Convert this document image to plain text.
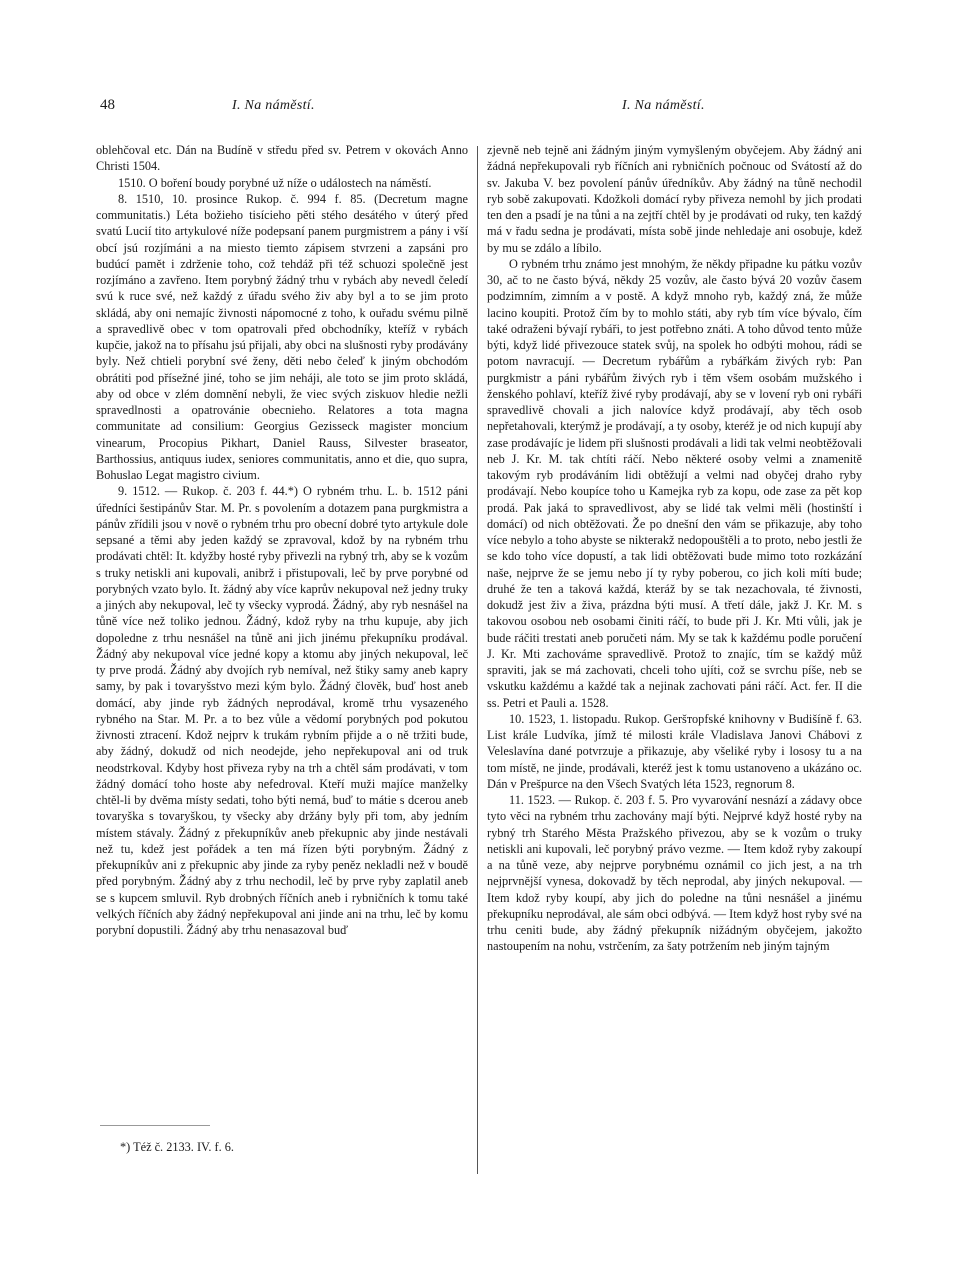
48	I. Na náměstí.	I. Na náměstí.

oblehčoval etc. Dán na Budíně v středu před sv. Petrem v okovách Anno Christi 1504.

1510. O boření boudy porybné už níže o událostech na náměstí.

8. 1510, 10. prosince Rukop. č. 994 f. 85. (Decretum magne communitatis.) Léta božieho tisícieho pěti stého desátého v úterý před svatú Lucií tito artykulové níže podepsaní panem purgmistrem a pány i vší obcí jsú rozjímáni a na miesto tiemto zápisem stvrzeni a zapsáni pro budúcí pamět i zdrženie toho, což tehdáž při též schuozi společně jest rozjímáno a zavřeno. Item porybný žádný trhu v rybách aby nevedl čeledí svú k ruce své, než každý z úřadu svého živ aby byl a to se jim proto skládá, aby oni nemajíc živnosti nápomocné z toho, k ouřadu svému pilně a spravedlivě obec v tom opatrovali před obchodníky, kteříž v rybách kupčie, jakož na to přísahu jsú přijali, aby obci na slušnosti ryby prodávány byly. Než chtieli porybní své ženy, děti nebo čeleď k jiným obchodóm obrátiti pod přísežné jiné, toho se jim neháji, ale toto se jim proto skládá, aby od obce v zlém domnění nebyli, že viec svých ziskuov hledie nežli spravedlnosti a opatrovánie obecnieho. Relatores a tota magna communitate ad consilium: Georgius Gezisseck magister moncium vinearum, Procopius Pikhart, Daniel Rauss, Silvester braseator, Barthossius, antiquus iudex, seniores communitatis, anno et die, quo supra, Bohuslao Legat magistro civium.

9. 1512. — Rukop. č. 203 f. 44.*) O rybném trhu. L. b. 1512 páni úředníci šestipánův Star. M. Pr. s povolením a dotazem pana purgkmistra a pánův zřídili jsou v nově o rybném trhu pro obecní dobré tyto artykule dole sepsané a těmi aby jeden každý se zpravoval, kdož by na rybném trhu prodávati chtěl: It. kdyžby hosté ryby přivezli na rybný trh, aby se k vozům s truky netiskli ani kupovali, anibrž i přistupovali, leč by prve porybné od porybných vzato bylo. It. žádný aby více kaprův nekupoval než jedny truky a jiných aby nekupoval, leč ty všecky vyprodá. Žádný, aby ryb nesnášel na tůně více než toliko jednou. Žádný, kdož ryby na trhu kupuje, aby jich dopoledne z trhu nesnášel na tůně ani jich jinému překupníku prodával. Žádný aby nekupoval více jedné kopy a ktomu aby jiných nekupoval, leč ty prve prodá. Žádný aby dvojích ryb nemíval, než štiky samy aneb kapry samy, by pak i tovaryšstvo mezi kým bylo. Žádný člověk, buď host aneb domácí, aby jinde ryb žádných neprodával, kromě trhu vysazeného rybného na Star. M. Pr. a to bez vůle a vědomí porybných pod pokutou živnosti ztracení. Kdož nejprv k trukám rybním přijde a o ně tržiti bude, aby žádný, dokudž od nich neodejde, jeho nepřekupoval ani od truk neodstrkoval. Kdyby host přiveza ryby na trh a chtěl sám prodávati, v tom žádný domácí toho hoste aby nefedroval. Kteří muži majíce manželky chtěl-li by dvěma místy sedati, toho býti nemá, buď to mátie s dcerou aneb tovaryška s tovaryškou, ty všecky aby držány byly při tom, aby jedním místem stávaly. Žádný z překupníkův aneb překupnic aby jinde nestávali než tu, kdež jest pořádek a ten má řízen býti porybným. Žádný z překupníkův ani z překupnic aby jinde za ryby peněz nekladli než v boudě před porybným. Žádný aby z trhu nechodil, leč by prve ryby zaplatil aneb se s kupcem smluvil. Ryb drobných říčních aneb i rybničních k tomu také velkých říčních aby žádný nepřekupoval ani jinde ani na trhu, leč by komu porybní dopustili. Žádný aby trhu nenasazoval buď

zjevně neb tejně ani žádným jiným vymyšleným obyčejem. Aby žádný ani žádná nepřekupovali ryb říčních ani rybničních počnouc od Svátostí až do sv. Jakuba V. bez povolení pánův úředníkův. Aby žádný na tůně nechodil ryb sobě zakupovati. Kdožkoli domácí ryby přiveza nemohl by jich prodati ten den a psadí je na tůni a na zejtří chtěl by je prodávati od ruky, ten každý má v řadu sedna je prodávati, místa sobě jinde nehledaje ani osobuje, kdež by mu se zdálo a líbilo.

O rybném trhu známo jest mnohým, že někdy připadne ku pátku vozův 30, ač to ne často bývá, někdy 25 vozův, ale často bývá 20 vozův časem podzimním, zimním a v postě. A když mnoho ryb, každý zná, že může lacino koupiti. Protož čím by to mohlo státi, aby ryb tím více bývalo, čím také odraženi bývají rybáři, to jest potřebno znáti. A toho důvod tento může býti, když lidé přivezouce statek svůj, na spolek ho odbýti mohou, rádi se potom navracují. — Decretum rybářům a rybářkám živých ryb: Pan purgkmistr a páni rybářům živých ryb i těm všem osobám mužského i ženského pohlaví, kteříž živé ryby prodávají, aby se v lovení ryb oni rybáři spravedlivě chovali a jich nalovíce když prodávají, aby těch osob nepřetahovali, kterýmž je prodávají, a ty osoby, kteréž je od nich kupují aby zase prodávajíc je lidem při slušnosti prodávali a lidi tak velmi neobtěžovali neb J. Kr. M. tak chtíti ráčí. Nebo některé osoby velmi a znamenitě takovým ryb prodáváním lidi obtěžují a velmi nad obyčej draho ryby prodávají. Nebo koupíce toho u Kamejka ryb za kopu, ode zase za pět kop prodá. Pak jaká to spravedlivost, aby se lidé tak velmi měli (hostinští i domácí) od nich obtěžovati. Že po dnešní den vám se přikazuje, aby toho více nebylo a toho abyste se nikterakž nedopouštěli a to proto, nebo jestli že se kdo toho více dopustí, a tak lidi obtěžovati bude mimo toto rozkázání naše, nejprve že se jemu nebo jí ty ryby poberou, co jich koli míti bude; druhé že ten a taková každá, kteráž by se tak nezachovala, té živnosti, dokudž jest živ a živa, prázdna býti musí. A třetí dále, jakž J. Kr. M. s takovou osobou neb osobami činiti ráčí, to bude při J. Kr. Mti vůli, jak je bude ráčiti trestati aneb poručeti nám. My se tak k každému podle poručení J. Kr. Mti zachováme spravedlivě. Protož to znajíc, tím se každý můž spraviti, jak se má zachovati, chceli toho ujíti, což se svrchu píše, neb se vskutku každému a každé tak a nejinak zachovati páni ráčí. Act. fer. II die ss. Petri et Pauli a. 1528.

10. 1523, 1. listopadu. Rukop. Geršторfské knihovny v Budišíně f. 63. List krále Ludvíka, jímž té milosti krále Vladislava Janovi Chábovi z Veleslavína dané potvrzuje a přikazuje, aby všeliké ryby i lososy tu a na tom místě, ne jinde, prodávali, kteréž jest k tomu ustanoveno a ukázáno oc. Dán v Prešpurce na den Všech Svatých léta 1523, regnorum 8.

11. 1523. — Rukop. č. 203 f. 5. Pro vyvarování nesnází a zádavy obce tyto věci na rybném trhu zachovány mají býti. Nejprvé když hosté ryby na rybný trh Starého Města Pražského přivezou, aby se k vozům o truky netiskli ani kupovali, leč porybný právo vezme. — Item kdož ryby zakoupí a na tůně veze, aby nejprve porybnému oznámil co jich jest, a na trh nejprvnější vynesa, dokovadž by těch neprodal, aby jiných nekupoval. — Item kdož ryby koupí, aby jich do poledne na tůni nesnášel a jinému překupníku neprodával, ale sám obci odbývá. — Item když host ryby své na trhu ceniti bude, aby žádný překupník nižádným obyčejem, jakožto nastoupením na nohu, vstrčením, za šaty potržením neb jiným tajným

*) Též č. 2133. IV. f. 6.
